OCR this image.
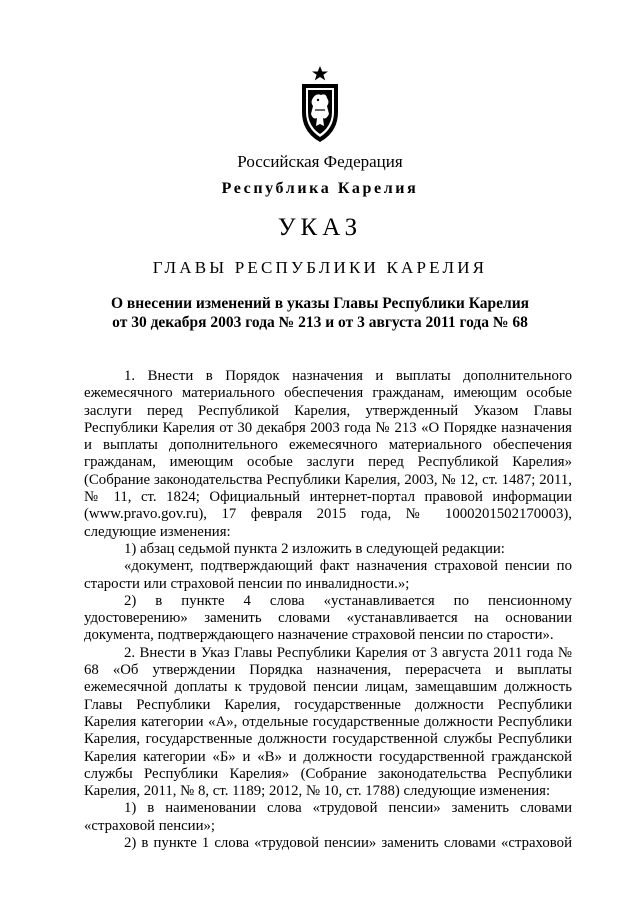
Российская Федерация
Республика Карелия
УКАЗ
ГЛАВЫ РЕСПУБЛИКИ КАРЕЛИЯ
О внесении изменений в указы Главы Республики Карелия
от 30 декабря 2003 года № 213 и от 3 августа 2011 года № 68

1. Внести в Порядок назначения и выплаты дополнительного ежемесячного материального обеспечения гражданам, имеющим особые заслуги перед Республикой Карелия, утвержденный Указом Главы Республики Карелия от 30 декабря 2003 года № 213 «О Порядке назначения и выплаты дополнительного ежемесячного материального обеспечения гражданам, имеющим особые заслуги перед Республикой Карелия» (Собрание законодательства Республики Карелия, 2003, № 12, ст. 1487; 2011, № 11, ст. 1824; Официальный интернет-портал правовой информации (www.pravo.gov.ru), 17 февраля 2015 года, № 1000201502170003), следующие изменения:

1) абзац седьмой пункта 2 изложить в следующей редакции:

«документ, подтверждающий факт назначения страховой пенсии по старости или страховой пенсии по инвалидности.»;

2) в пункте 4 слова «устанавливается по пенсионному удостоверению» заменить словами «устанавливается на основании документа, подтверждающего назначение страховой пенсии по старости».

2. Внести в Указ Главы Республики Карелия от 3 августа 2011 года № 68 «Об утверждении Порядка назначения, перерасчета и выплаты ежемесячной доплаты к трудовой пенсии лицам, замещавшим должность Главы Республики Карелия, государственные должности Республики Карелия категории «А», отдельные государственные должности Республики Карелия, государственные должности государственной службы Республики Карелия категории «Б» и «В» и должности государственной гражданской службы Республики Карелия» (Собрание законодательства Республики Карелия, 2011, № 8, ст. 1189; 2012, № 10, ст. 1788) следующие изменения:

1) в наименовании слова «трудовой пенсии» заменить словами «страховой пенсии»;

2) в пункте 1 слова «трудовой пенсии» заменить словами «страховой
